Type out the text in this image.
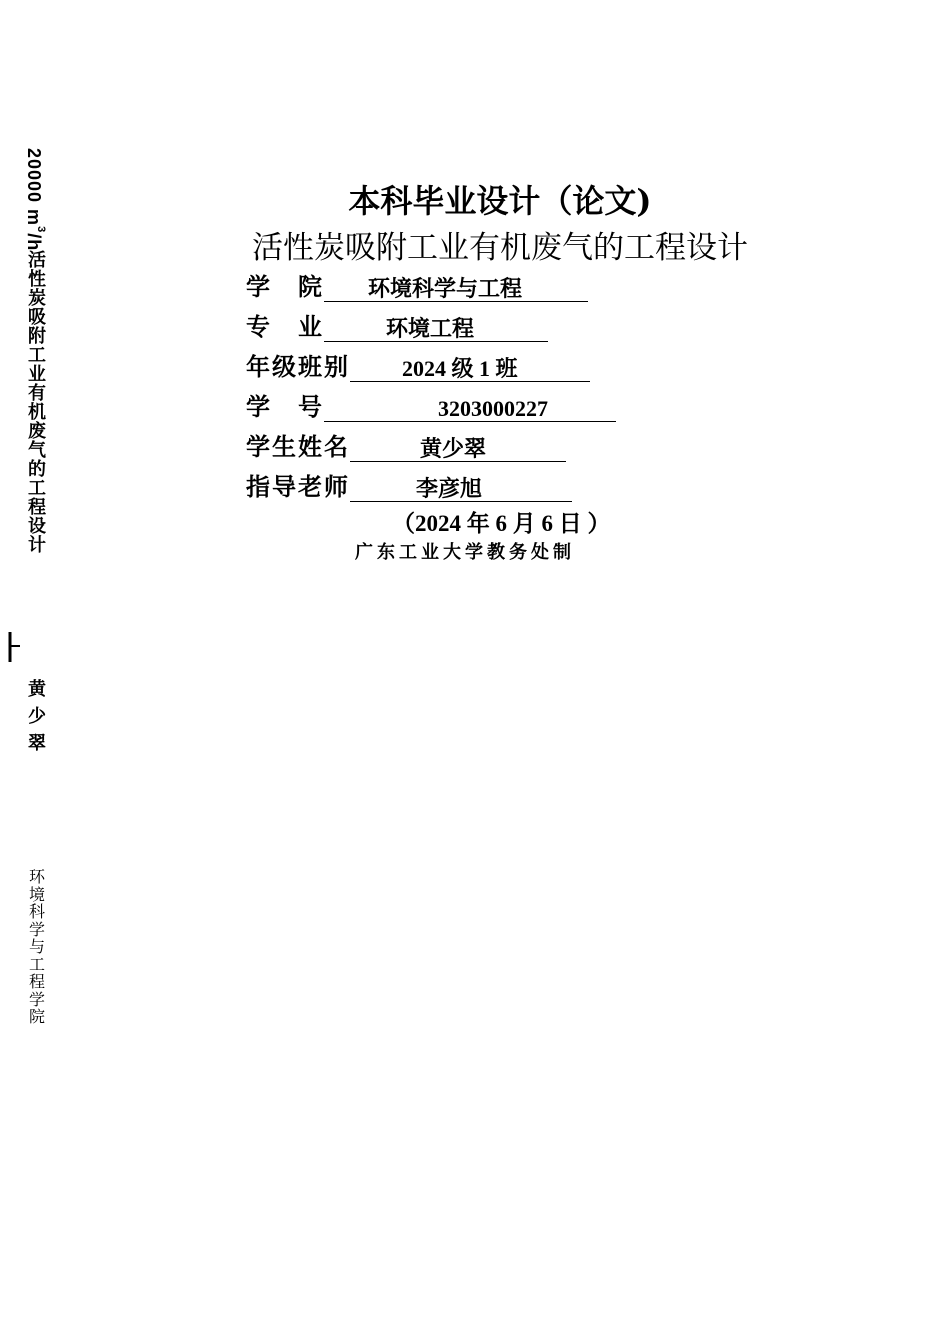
20000 $m^3/h$
活
性
炭
吸
附
工
业
有
机
废
气
的
工
程
设
计
黄
少
翠
环
境
科
学
与
工
程
学
院
本科毕业设计（论文)
活性炭吸附工业有机废气的工程设计
学　院	环境科学与工程
专　业	环境工程
年级班别	2024 级 1 班
学　号	3203000227
学生姓名	黄少翠
指导老师	李彦旭
（2024 年 6 月 6 日 ）
广东工业大学教务处制
